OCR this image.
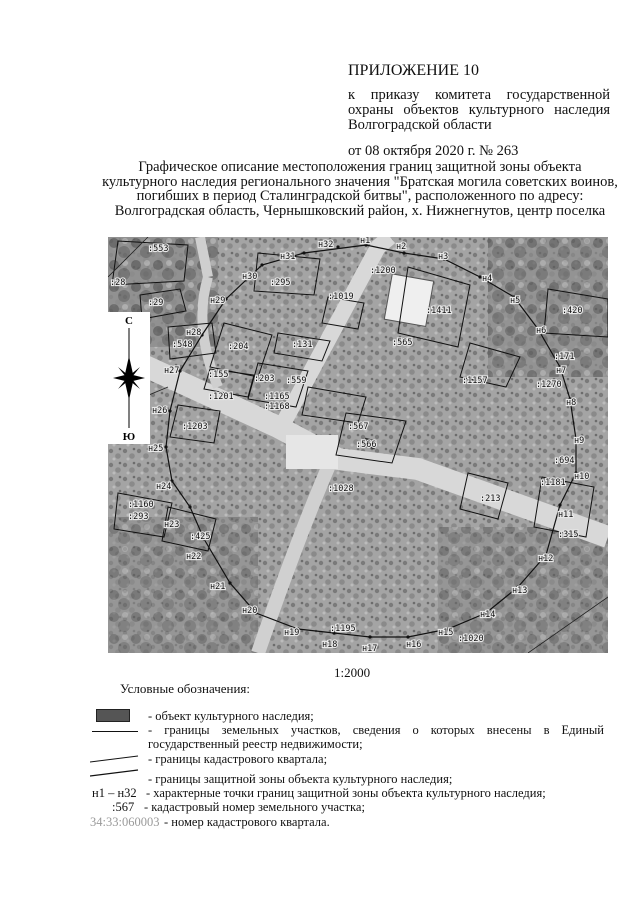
ПРИЛОЖЕНИЕ 10
к приказу комитета государственной охраны объектов культурного наследия Волгоградской области
от 08 октября 2020 г. № 263
Графическое описание местоположения границ защитной зоны объекта культурного наследия регионального значения "Братская могила советских воинов, погибших в период Сталинградской битвы", расположенного по адресу: Волгоградская область, Чернышковский район, х. Нижнегнутов, центр поселка
н1
н2
н3
н4
н5
н6
н7
н8
н9
н10
н11
н12
н13
н14
н15
н16
н17
н18
н19
н20
н21
н22
н23
н24
н25
н26
н27
н28
н29
н30
н31
н32
:553
:28
:29
:295
:1019
:1200
:1411	:420
:548	:204	:131	:565
:171
:155	:203 :559	:1157	:1270
:1201	:1165
:1168
:1203	:567
:566
:694
:1181
:1028
:213
:1160
:293
:425	:315
:1195
:1020
С
Ю
1:2000
Условные обозначения:
- объект культурного наследия;
- границы земельных участков, сведения о которых внесены в Единый государственный реестр недвижимости;
- границы кадастрового квартала;
- границы защитной зоны объекта культурного наследия;
н1 – н32 - характерные точки границ защитной зоны объекта культурного наследия;
:567 - кадастровый номер земельного участка;
34:33:060003 - номер кадастрового квартала.
